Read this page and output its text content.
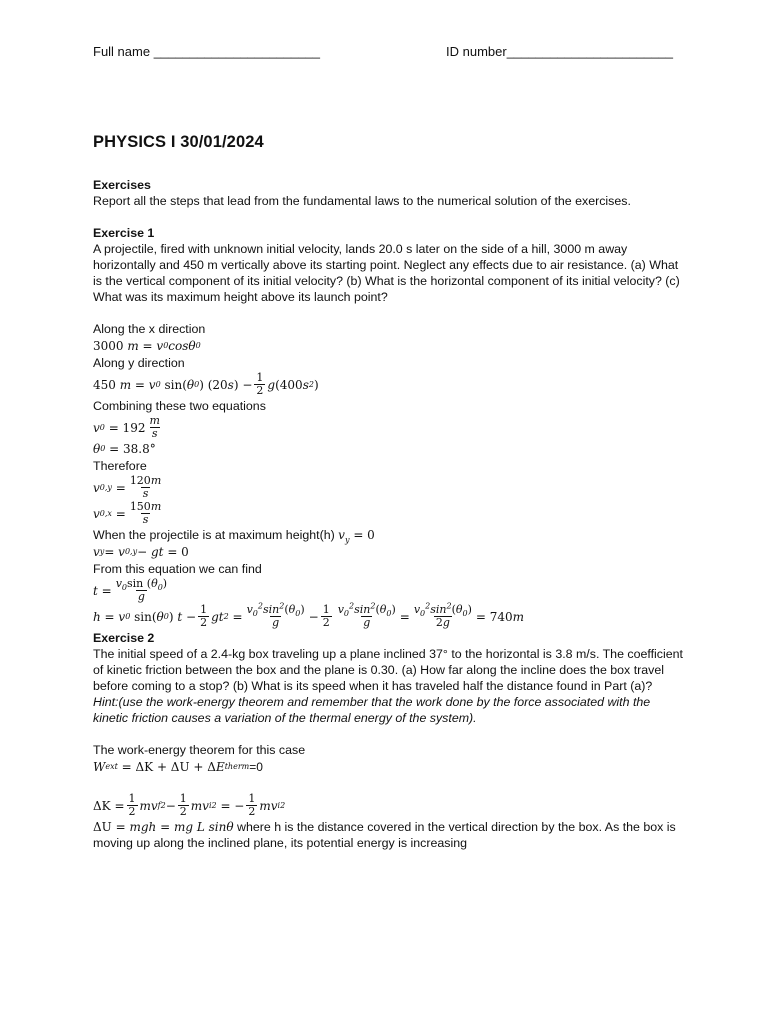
Full name _______________________	ID number_______________________
PHYSICS I 30/01/2024

Exercises

Report all the steps that lead from the fundamental laws to the numerical solution of the exercises.

Exercise 1

A projectile, fired with unknown initial velocity, lands 20.0 s later on the side of a hill, 3000 m away horizontally and 450 m vertically above its starting point. Neglect any effects due to air resistance. (a) What is the vertical component of its initial velocity? (b) What is the horizontal component of its initial velocity? (c) What was its maximum height above its launch point?

Along the x direction

3000 m = v 0 cosθ 0

Along y direction

450 m = v 0
sin( θ 0 ) (20 s ) − $\frac{1}{2}$ g (400 s 2 )

Combining these two equations

v $0 = 192 \frac{m}{s}$
θ 0 = 38.8°

Therefore

v $0,y = \frac{120m}{s}$
v $0,x = \frac{150m}{s}$

When the projectile is at maximum height(h) $v_y = 0$

v y = v 0,y − gt = 0

From this equation we can find

$t = \frac{v_0\sin (\theta_0)}{g}$
h = v 0
sin( θ 0 ) $t - \frac{1}{2}$ gt 2
= $\frac{v_0^2\sin^2(\theta_0)}{g} - \frac{1}{2} \frac{v_0^2\sin^2(\theta_0)}{g} = \frac{v_0^2\sin^2(\theta_0)}{2g} = 740$ m

Exercise 2

The initial speed of a 2.4-kg box traveling up a plane inclined 37° to the horizontal is 3.8 m/s. The coefficient of kinetic friction between the box and the plane is 0.30. (a) How far along the incline does the box travel before coming to a stop? (b) What is its speed when it has traveled half the distance found in Part (a)?

Hint:(use the work-energy theorem and remember that the work done by the force associated with the kinetic friction causes a variation of the thermal energy of the system).

The work-energy theorem for this case

W ext = ΔK + ΔU + Δ E therm =0
$\Delta K = \frac{1}{2}$ mv f $2 - \frac{1}{2}$ mv i 2 = − $\frac{1}{2}$ mv i 2

ΔU = mgh = mg L sinθ where h is the distance covered in the vertical direction by the box. As the box is moving up along the inclined plane, its potential energy is increasing
